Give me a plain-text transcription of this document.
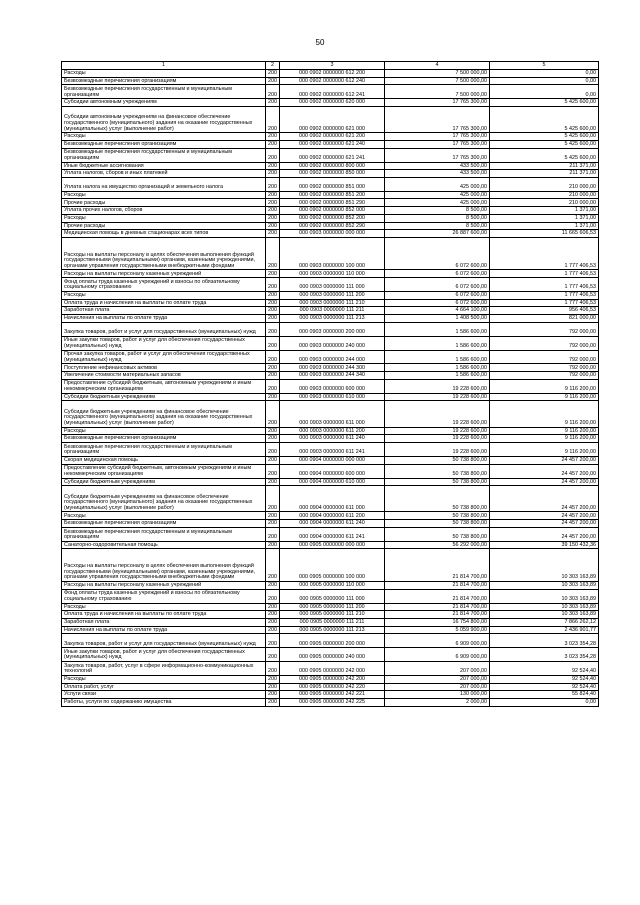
50
1	2	3	4	5
Расходы	200	000 0902 0000000 612 200	7 500 000,00	0,00
Безвозмездные перечисления организациям	200	000 0902 0000000 612 240	7 500 000,00	0,00
Безвозмездные перечисления государственным и муниципальным организациям	200	000 0902 0000000 612 241	7 500 000,00	0,00
Субсидии автономным учреждениям	200	000 0902 0000000 620 000	17 765 300,00	5 425 600,00
Субсидии автономным учреждениям на финансовое обеспечение государственного (муниципального) задания на оказание государственных (муниципальных) услуг (выполнение работ)	200	000 0902 0000000 621 000	17 765 300,00	5 425 600,00
Расходы	200	000 0902 0000000 621 200	17 765 300,00	5 425 600,00
Безвозмездные перечисления организациям	200	000 0902 0000000 621 240	17 765 300,00	5 425 600,00
Безвозмездные перечисления государственным и муниципальным организациям	200	000 0902 0000000 621 241	17 765 300,00	5 425 600,00
Иные бюджетные ассигнования	200	000 0902 0000000 800 000	433 500,00	211 371,00
Уплата налогов, сборов и иных платежей	200	000 0902 0000000 850 000	433 500,00	211 371,00
Уплата налога на имущество организаций и земельного налога	200	000 0902 0000000 851 000	425 000,00	210 000,00
Расходы	200	000 0902 0000000 851 200	425 000,00	210 000,00
Прочие расходы	200	000 0902 0000000 851 290	425 000,00	210 000,00
Уплата прочих налогов, сборов	200	000 0902 0000000 852 000	8 500,00	1 371,00
Расходы	200	000 0902 0000000 852 200	8 500,00	1 371,00
Прочие расходы	200	000 0902 0000000 852 290	8 500,00	1 371,00
Медицинская помощь в дневных стационарах всех типов	200	000 0903 0000000 000 000	26 887 600,00	11 665 606,53
Расходы на выплаты персоналу в целях обеспечения выполнения функций государственными (муниципальными) органами, казенными учреждениями, органами управления государственными внебюджетными фондами	200	000 0903 0000000 100 000	6 072 600,00	1 777 406,53
Расходы на выплаты персоналу казенных учреждений	200	000 0903 0000000 110 000	6 072 600,00	1 777 406,53
Фонд оплаты труда казенных учреждений и взносы по обязательному социальному страхованию	200	000 0903 0000000 111 000	6 072 600,00	1 777 406,53
Расходы	200	000 0903 0000000 111 200	6 072 600,00	1 777 406,53
Оплата труда и начисления на выплаты по оплате труда	200	000 0903 0000000 111 210	6 072 600,00	1 777 406,53
Заработная плата	200	000 0903 0000000 111 211	4 664 100,00	956 406,53
Начисления на выплаты по оплате труда	200	000 0903 0000000 111 213	1 408 500,00	821 000,00
Закупка товаров, работ и услуг для государственных (муниципальных) нужд	200	000 0903 0000000 200 000	1 586 600,00	792 000,00
Иные закупки товаров, работ и услуг для обеспечения государственных (муниципальных) нужд	200	000 0903 0000000 240 000	1 586 600,00	792 000,00
Прочая закупка товаров, работ и услуг для обеспечения государственных (муниципальных) нужд	200	000 0903 0000000 244 000	1 586 600,00	792 000,00
Поступление нефинансовых активов	200	000 0903 0000000 244 300	1 586 600,00	792 000,00
Увеличение стоимости материальных запасов	200	000 0903 0000000 244 340	1 586 600,00	792 000,00
Предоставление субсидий бюджетным, автономным учреждениям и иным некоммерческим организациям	200	000 0903 0000000 600 000	19 228 600,00	9 116 200,00
Субсидии бюджетным учреждениям	200	000 0903 0000000 610 000	19 228 600,00	9 116 200,00
Субсидии бюджетным учреждениям на финансовое обеспечение государственного (муниципального) задания на оказание государственных (муниципальных) услуг (выполнение работ)	200	000 0903 0000000 611 000	19 228 600,00	9 116 200,00
Расходы	200	000 0903 0000000 611 200	19 228 600,00	9 116 200,00
Безвозмездные перечисления организациям	200	000 0903 0000000 611 240	19 228 600,00	9 116 200,00
Безвозмездные перечисления государственным и муниципальным организациям	200	000 0903 0000000 611 241	19 228 600,00	9 116 200,00
Скорая медицинская помощь	200	000 0904 0000000 000 000	50 738 800,00	24 457 200,00
Предоставление субсидий бюджетным, автономным учреждениям и иным некоммерческим организациям	200	000 0904 0000000 600 000	50 738 800,00	24 457 200,00
Субсидии бюджетным учреждениям	200	000 0904 0000000 610 000	50 738 800,00	24 457 200,00
Субсидии бюджетным учреждениям на финансовое обеспечение государственного (муниципального) задания на оказание государственных (муниципальных) услуг (выполнение работ)	200	000 0904 0000000 611 000	50 738 800,00	24 457 200,00
Расходы	200	000 0904 0000000 611 200	50 738 800,00	24 457 200,00
Безвозмездные перечисления организациям	200	000 0904 0000000 611 240	50 738 800,00	24 457 200,00
Безвозмездные перечисления государственным и муниципальным организациям	200	000 0904 0000000 611 241	50 738 800,00	24 457 200,00
Санаторно-оздоровительная помощь	200	000 0905 0000000 000 000	56 292 000,00	39 150 432,36
Расходы на выплаты персоналу в целях обеспечения выполнения функций государственными (муниципальными) органами, казенными учреждениями, органами управления государственными внебюджетными фондами	200	000 0905 0000000 100 000	21 814 700,00	10 303 163,89
Расходы на выплаты персоналу казенных учреждений	200	000 0905 0000000 110 000	21 814 700,00	10 303 163,89
Фонд оплаты труда казенных учреждений и взносы по обязательному социальному страхованию	200	000 0905 0000000 111 000	21 814 700,00	10 303 163,89
Расходы	200	000 0905 0000000 111 200	21 814 700,00	10 303 163,89
Оплата труда и начисления на выплаты по оплате труда	200	000 0905 0000000 111 210	21 814 700,00	10 303 163,89
Заработная плата	200	000 0905 0000000 111 211	16 754 800,00	7 866 262,12
Начисления на выплаты по оплате труда	200	000 0905 0000000 111 213	5 059 900,00	2 436 901,77
Закупка товаров, работ и услуг для государственных (муниципальных) нужд	200	000 0905 0000000 200 000	6 909 000,00	3 023 354,28
Иные закупки товаров, работ и услуг для обеспечения государственных (муниципальных) нужд	200	000 0905 0000000 240 000	6 909 000,00	3 023 354,28
Закупка товаров, работ, услуг в сфере информационно-коммуникационных технологий	200	000 0905 0000000 242 000	207 000,00	92 524,40
Расходы	200	000 0905 0000000 242 200	207 000,00	92 524,40
Оплата работ, услуг	200	000 0905 0000000 242 220	207 000,00	92 524,40
Услуги связи	200	000 0905 0000000 242 221	130 000,00	55 824,40
Работы, услуги по содержанию имущества	200	000 0905 0000000 242 225	2 000,00	0,00
